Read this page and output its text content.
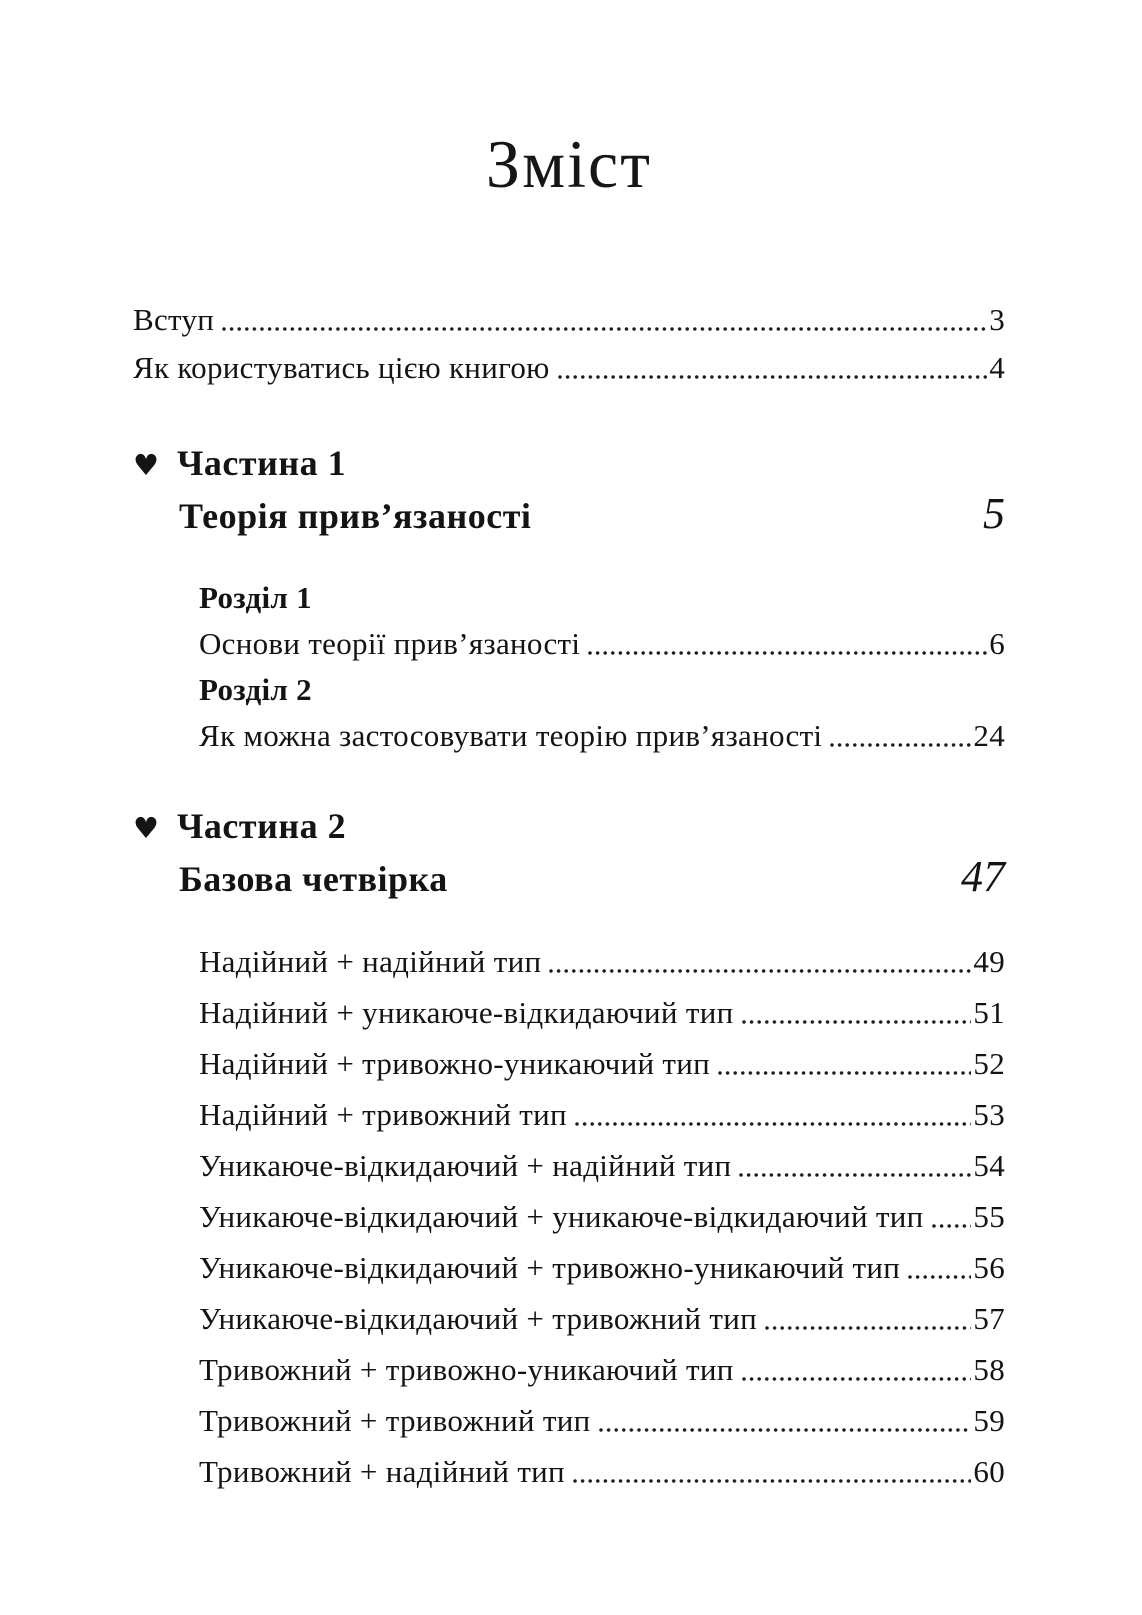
Зміст
Вступ	3
Як користуватись цією книгою	4
♥ Частина 1
Теорія прив’язаності	5
Розділ 1
Основи теорії прив’язаності	6
Розділ 2
Як можна застосовувати теорію прив’язаності	24
♥ Частина 2
Базова четвірка	47
Надійний + надійний тип	49
Надійний + уникаюче-відкидаючий тип	51
Надійний + тривожно-уникаючий тип	52
Надійний + тривожний тип	53
Уникаюче-відкидаючий + надійний тип	54
Уникаюче-відкидаючий + уникаюче-відкидаючий тип 55
Уникаюче-відкидаючий + тривожно-уникаючий тип 56
Уникаюче-відкидаючий + тривожний тип	57
Тривожний + тривожно-уникаючий тип	58
Тривожний + тривожний тип	59
Тривожний + надійний тип	60
